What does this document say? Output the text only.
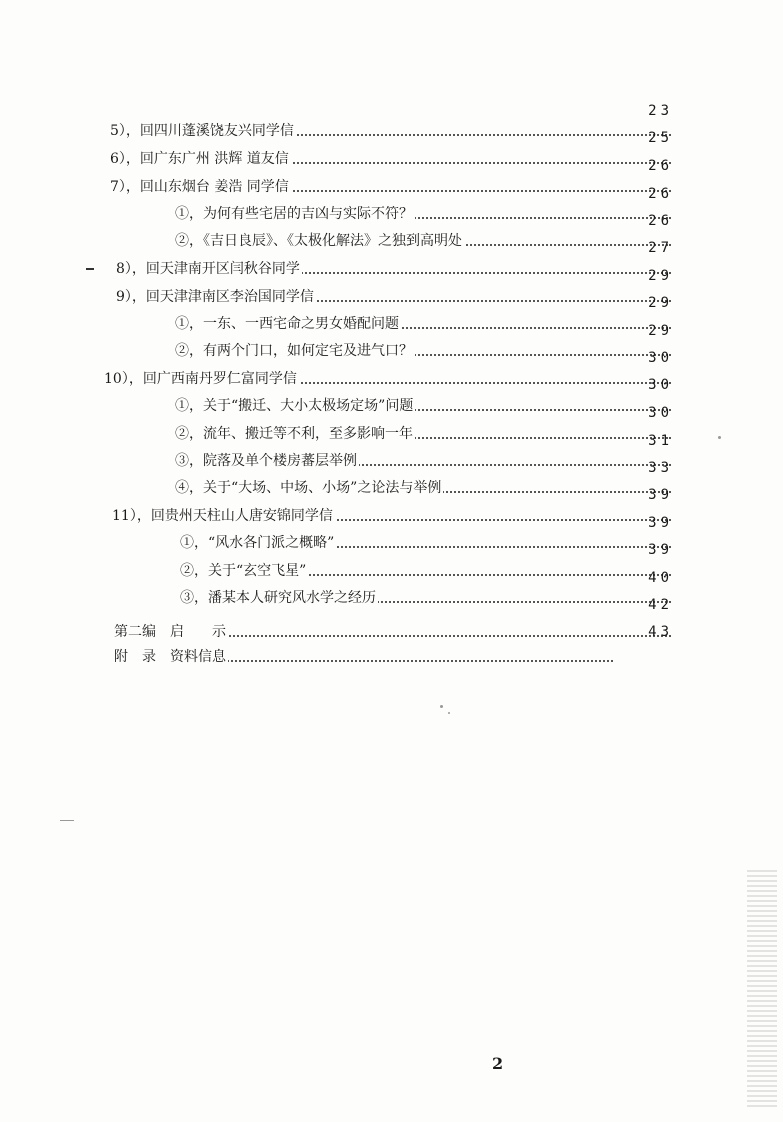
23
5），回四川蓬溪饶友兴同学信	25
6），回广东广州 洪辉 道友信	26
7），回山东烟台 姜浩 同学信	26
①，为何有些宅居的吉凶与实际不符？	26
②，《吉日良辰》、《太极化解法》之独到高明处	27
8），回天津南开区闫秋谷同学	29
9），回天津津南区李治国同学信	29
①，一东、一西宅命之男女婚配问题	29
②，有两个门口，如何定宅及进气口？	30
10），回广西南丹罗仁富同学信	30
①，关于“搬迁、大小太极场定场”问题	30
②，流年、搬迁等不利，至多影响一年	31
③，院落及单个楼房蕃层举例	33
④，关于“大场、中场、小场”之论法与举例	39
11），回贵州天柱山人唐安锦同学信	39
①，“风水各门派之概略”	39
②，关于“玄空飞星”	40
③，潘某本人研究风水学之经历	42
第二编　启　　示	43
附　录　资料信息
2
